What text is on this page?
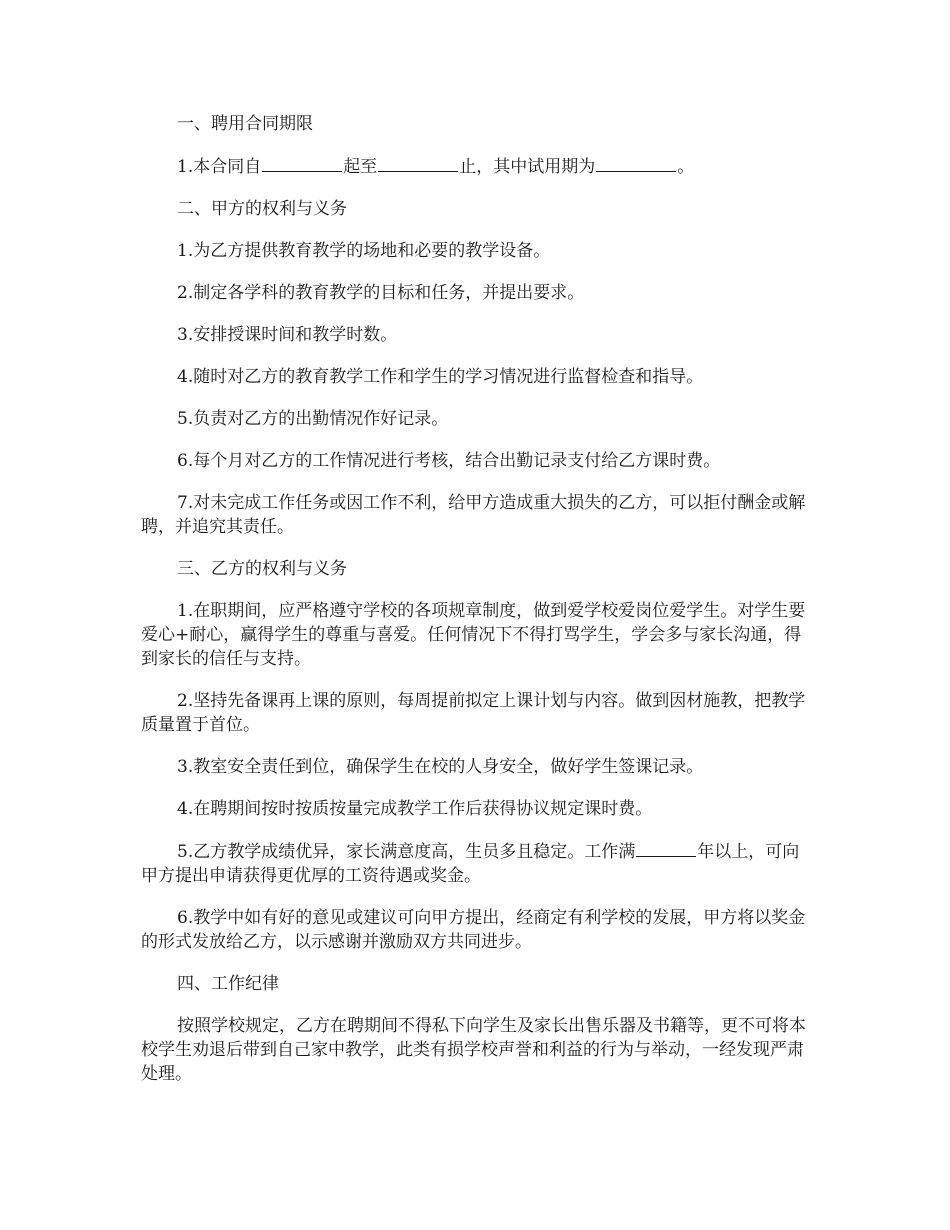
一、聘用合同期限

1.本合同自	起至	止，其中试用期为	。

二、甲方的权利与义务

1.为乙方提供教育教学的场地和必要的教学设备。

2.制定各学科的教育教学的目标和任务，并提出要求。

3.安排授课时间和教学时数。

4.随时对乙方的教育教学工作和学生的学习情况进行监督检查和指导。

5.负责对乙方的出勤情况作好记录。

6.每个月对乙方的工作情况进行考核，结合出勤记录支付给乙方课时费。

7.对未完成工作任务或因工作不利，给甲方造成重大损失的乙方，可以拒付酬金或解聘，并追究其责任。

三、乙方的权利与义务

1.在职期间，应严格遵守学校的各项规章制度，做到爱学校爱岗位爱学生。对学生要爱心+耐心，赢得学生的尊重与喜爱。任何情况下不得打骂学生，学会多与家长沟通，得到家长的信任与支持。

2.坚持先备课再上课的原则，每周提前拟定上课计划与内容。做到因材施教，把教学质量置于首位。

3.教室安全责任到位，确保学生在校的人身安全，做好学生签课记录。

4.在聘期间按时按质按量完成教学工作后获得协议规定课时费。

5.乙方教学成绩优异，家长满意度高，生员多且稳定。工作满	年以上，可向甲方提出申请获得更优厚的工资待遇或奖金。

6.教学中如有好的意见或建议可向甲方提出，经商定有利学校的发展，甲方将以奖金的形式发放给乙方，以示感谢并激励双方共同进步。

四、工作纪律

按照学校规定，乙方在聘期间不得私下向学生及家长出售乐器及书籍等，更不可将本校学生劝退后带到自己家中教学，此类有损学校声誉和利益的行为与举动，一经发现严肃处理。
